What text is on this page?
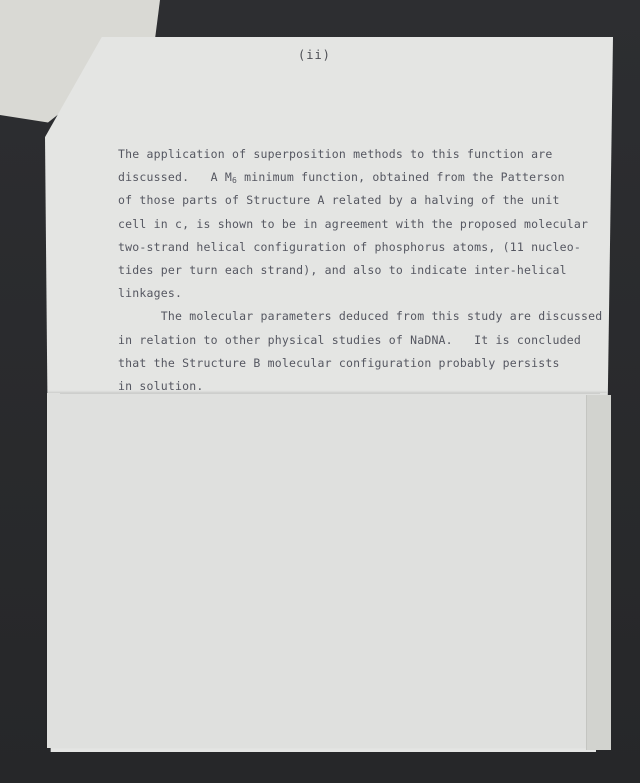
(ii)
The application of superposition methods to this function are
discussed.   A $M_6$ minimum function, obtained from the Patterson
of those parts of Structure A related by a halving of the unit
cell in c, is shown to be in agreement with the proposed molecular
two-strand helical configuration of phosphorus atoms, (11 nucleo-
tides per turn each strand), and also to indicate inter-helical
linkages.
The molecular parameters deduced from this study are discussed
in relation to other physical studies of NaDNA.   It is concluded
that the Structure B molecular configuration probably persists
in solution.
